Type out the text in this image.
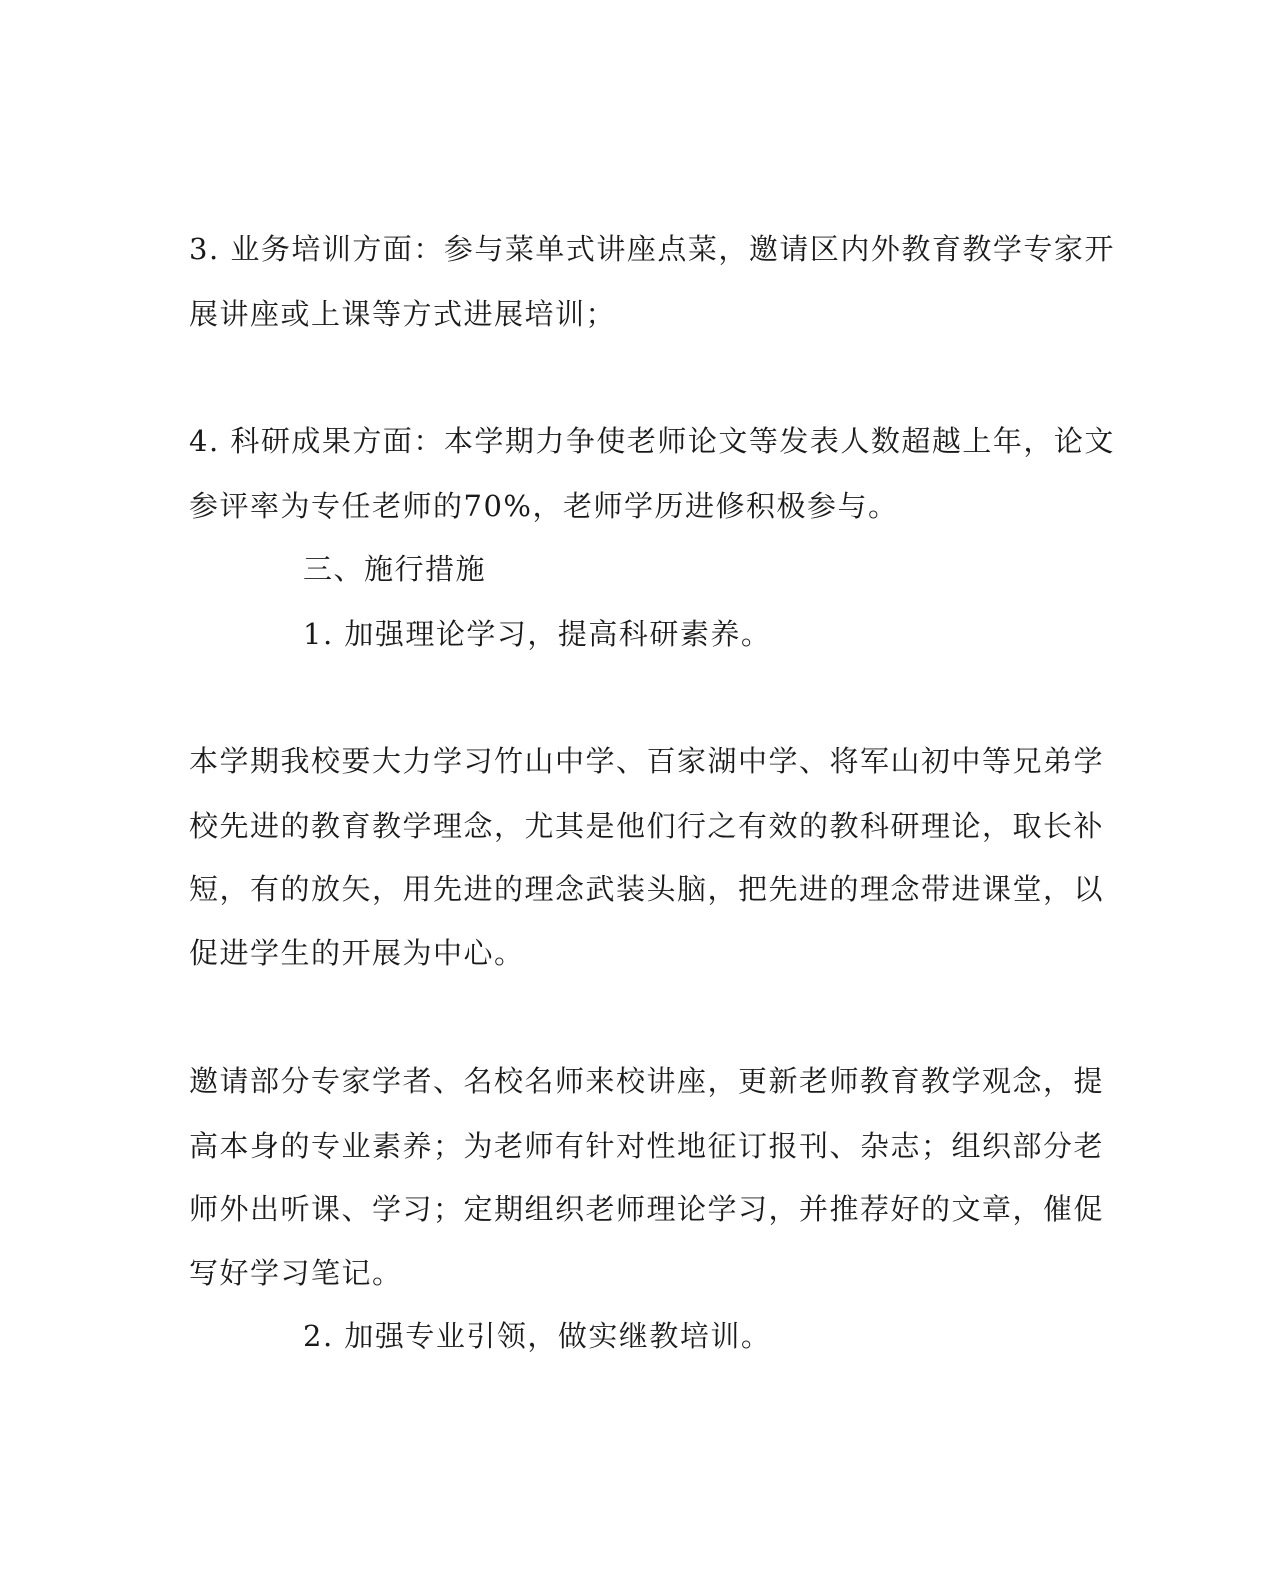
3. 业务培训方面：参与菜单式讲座点菜，邀请区内外教育教学专家开
展讲座或上课等方式进展培训；
4. 科研成果方面：本学期力争使老师论文等发表人数超越上年，论文
参评率为专任老师的70%，老师学历进修积极参与。
三、施行措施
1. 加强理论学习，提高科研素养。
本学期我校要大力学习竹山中学、百家湖中学、将军山初中等兄弟学
校先进的教育教学理念，尤其是他们行之有效的教科研理论，取长补
短，有的放矢，用先进的理念武装头脑，把先进的理念带进课堂，以
促进学生的开展为中心。
邀请部分专家学者、名校名师来校讲座，更新老师教育教学观念，提
高本身的专业素养；为老师有针对性地征订报刊、杂志；组织部分老
师外出听课、学习；定期组织老师理论学习，并推荐好的文章，催促
写好学习笔记。
2. 加强专业引领，做实继教培训。
